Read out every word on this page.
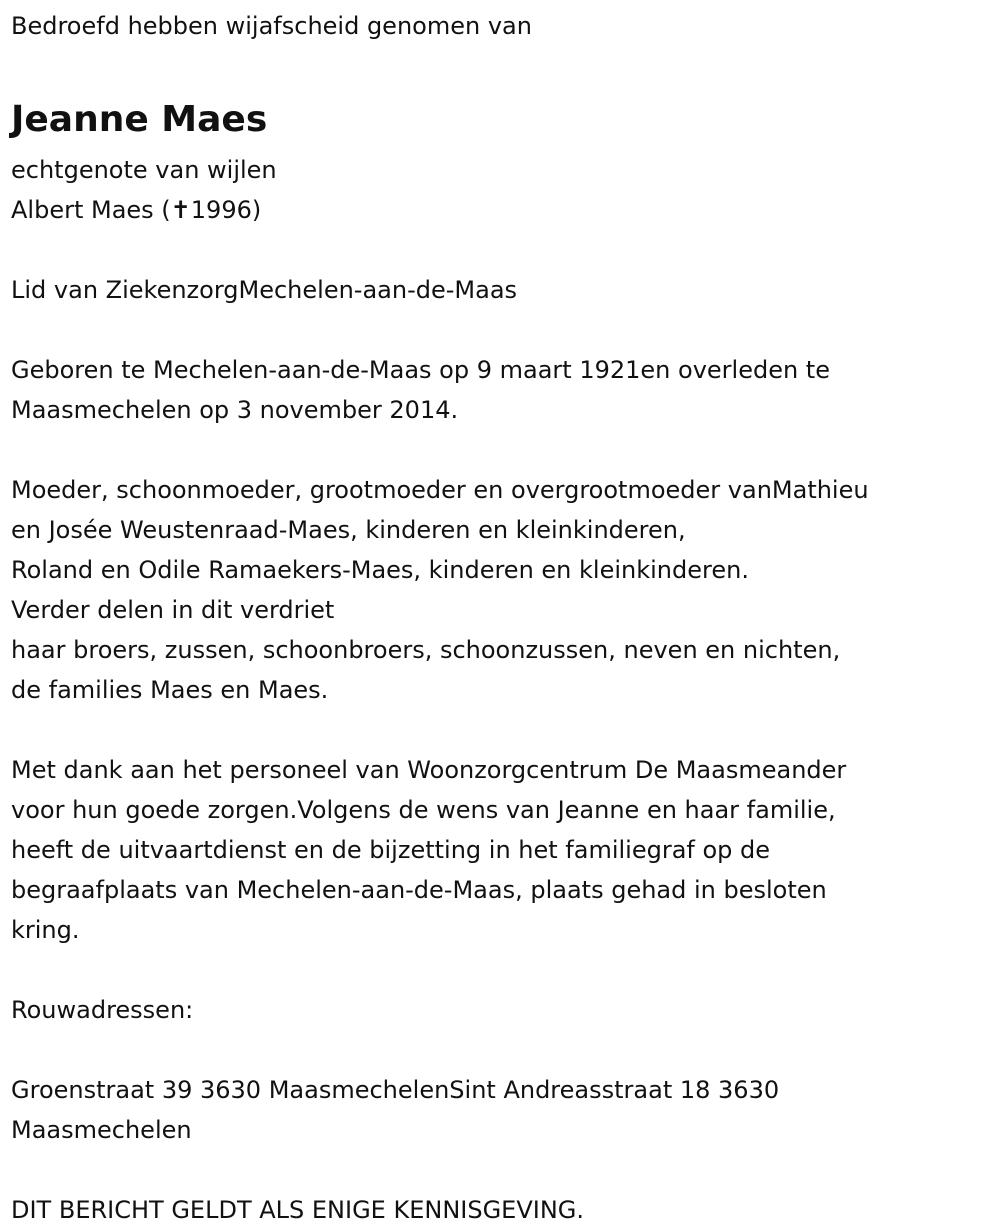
Bedroefd hebben wijafscheid genomen van
Jeanne Maes
echtgenote van wijlen
Albert Maes (✝1996)
Lid van ZiekenzorgMechelen-aan-de-Maas
Geboren te Mechelen-aan-de-Maas op 9 maart 1921en overleden te
Maasmechelen op 3 november 2014.
Moeder, schoonmoeder, grootmoeder en overgrootmoeder vanMathieu
en Josée Weustenraad-Maes, kinderen en kleinkinderen,
Roland en Odile Ramaekers-Maes, kinderen en kleinkinderen.
Verder delen in dit verdriet
haar broers, zussen, schoonbroers, schoonzussen, neven en nichten,
de families Maes en Maes.
Met dank aan het personeel van Woonzorgcentrum De Maasmeander
voor hun goede zorgen.Volgens de wens van Jeanne en haar familie,
heeft de uitvaartdienst en de bijzetting in het familiegraf op de
begraafplaats van Mechelen-aan-de-Maas, plaats gehad in besloten
kring.
Rouwadressen:
Groenstraat 39 3630 MaasmechelenSint Andreasstraat 18 3630
Maasmechelen
DIT BERICHT GELDT ALS ENIGE KENNISGEVING.
